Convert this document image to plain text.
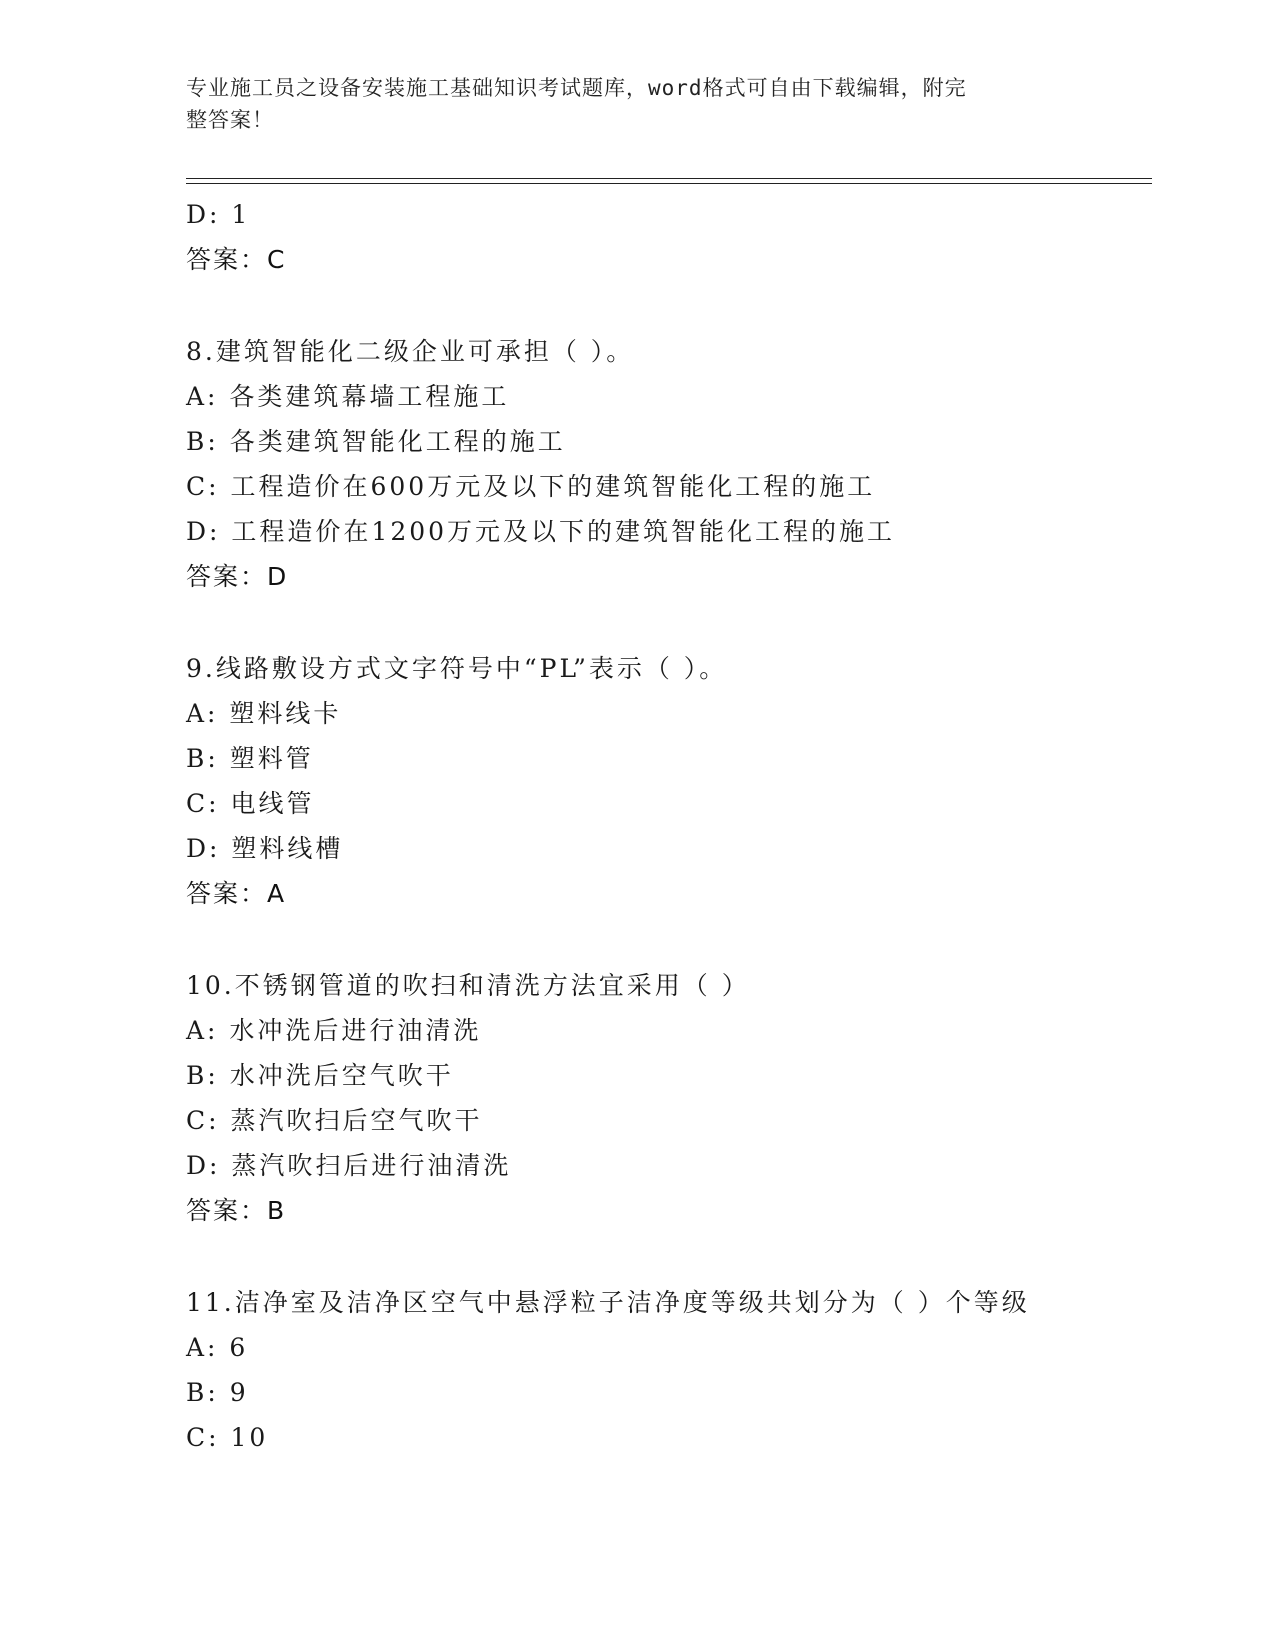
专业施工员之设备安装施工基础知识考试题库，word格式可自由下载编辑，附完
整答案！
D: 1
答案：C
8.建筑智能化二级企业可承担（ ）。
A: 各类建筑幕墙工程施工
B: 各类建筑智能化工程的施工
C: 工程造价在600万元及以下的建筑智能化工程的施工
D: 工程造价在1200万元及以下的建筑智能化工程的施工
答案：D
9.线路敷设方式文字符号中“PL”表示（ ）。
A: 塑料线卡
B: 塑料管
C: 电线管
D: 塑料线槽
答案：A
10.不锈钢管道的吹扫和清洗方法宜采用（ ）
A: 水冲洗后进行油清洗
B: 水冲洗后空气吹干
C: 蒸汽吹扫后空气吹干
D: 蒸汽吹扫后进行油清洗
答案：B
11.洁净室及洁净区空气中悬浮粒子洁净度等级共划分为（ ）个等级
A: 6
B: 9
C: 10
